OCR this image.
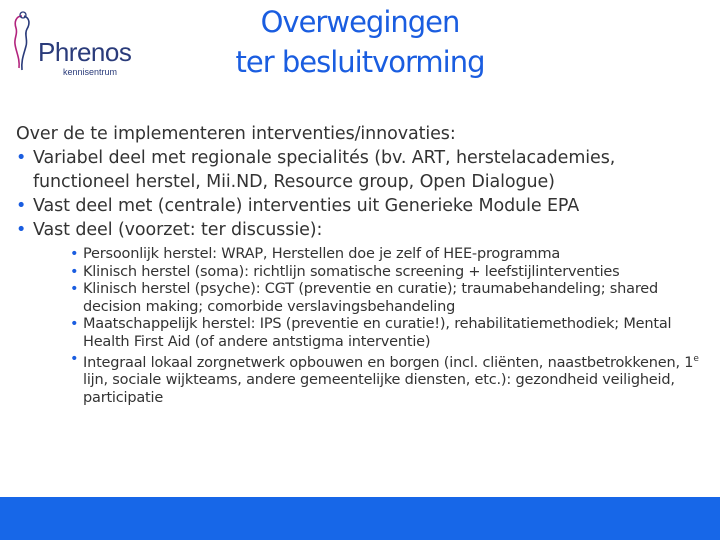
Phrenos
kennisentrum
Overwegingen
ter besluitvorming
Over de te implementeren interventies/innovaties:
• Variabel deel met regionale specialités (bv. ART, herstelacademies, functioneel herstel, Mii.ND, Resource group, Open Dialogue)
• Vast deel met (centrale) interventies uit Generieke Module EPA
• Vast deel (voorzet: ter discussie):
• Persoonlijk herstel: WRAP, Herstellen doe je zelf of HEE-programma
• Klinisch herstel (soma): richtlijn somatische screening + leefstijlinterventies
• Klinisch herstel (psyche): CGT (preventie en curatie); traumabehandeling; shared decision making; comorbide verslavingsbehandeling
• Maatschappelijk herstel: IPS (preventie en curatie!), rehabilitatiemethodiek; Mental Health First Aid (of andere antstigma interventie)
• Integraal lokaal zorgnetwerk opbouwen en borgen (incl. cliënten, naastbetrokkenen, 1e lijn, sociale wijkteams, andere gemeentelijke diensten, etc.): gezondheid veiligheid, participatie
